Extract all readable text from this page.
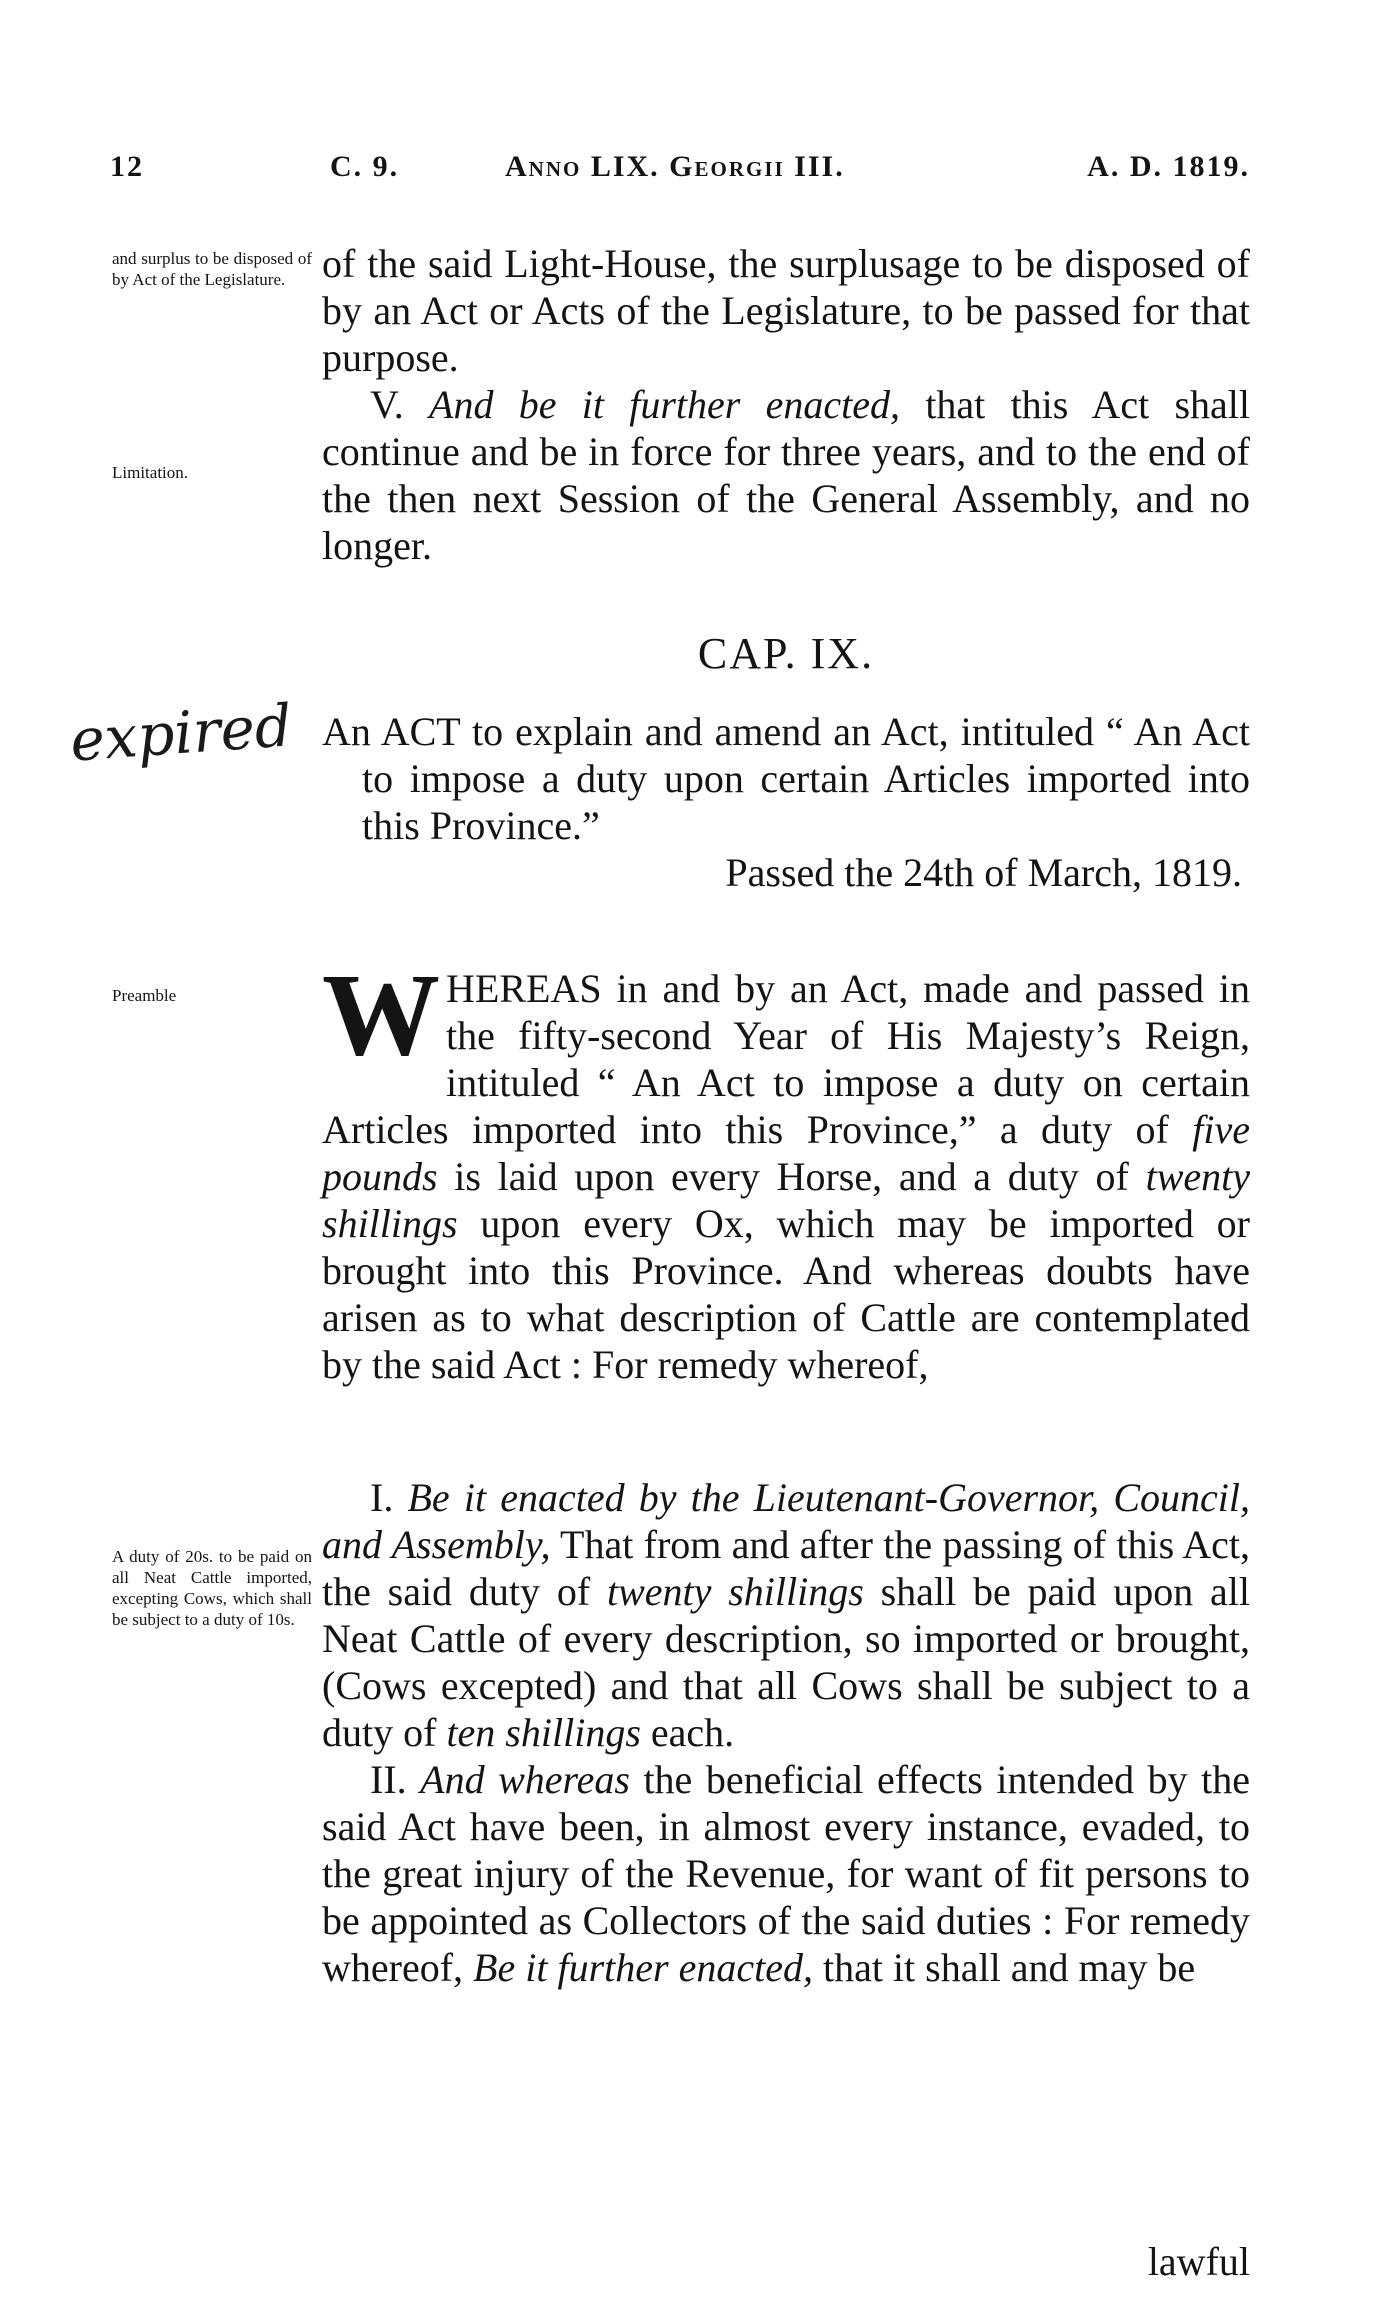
12	C. 9.	Anno LIX. Georgii III.	A. D. 1819.
and surplus to be disposed of by Act of the Legislature.
Limitation.
expired
Preamble
A duty of 20s. to be paid on all Neat Cattle imported, excepting Cows, which shall be subject to a duty of 10s.

of the said Light-House, the surplusage to be disposed of by an Act or Acts of the Legislature, to be passed for that purpose.

V. And be it further enacted, that this Act shall continue and be in force for three years, and to the end of the then next Session of the General Assembly, and no longer.

CAP. IX.

An ACT to explain and amend an Act, intituled “ An Act to impose a duty upon certain Articles imported into this Province.”

Passed the 24th of March, 1819.

WHEREAS in and by an Act, made and passed in the fifty-second Year of His Majesty’s Reign, intituled “ An Act to impose a duty on certain Articles imported into this Province,” a duty of five pounds is laid upon every Horse, and a duty of twenty shillings upon every Ox, which may be imported or brought into this Province. And whereas doubts have arisen as to what description of Cattle are contemplated by the said Act : For remedy whereof,

I. Be it enacted by the Lieutenant-Governor, Council, and Assembly, That from and after the passing of this Act, the said duty of twenty shillings shall be paid upon all Neat Cattle of every description, so imported or brought, (Cows excepted) and that all Cows shall be subject to a duty of ten shillings each.

II. And whereas the beneficial effects intended by the said Act have been, in almost every instance, evaded, to the great injury of the Revenue, for want of fit persons to be appointed as Collectors of the said duties : For remedy whereof, Be it further enacted, that it shall and may be

lawful
